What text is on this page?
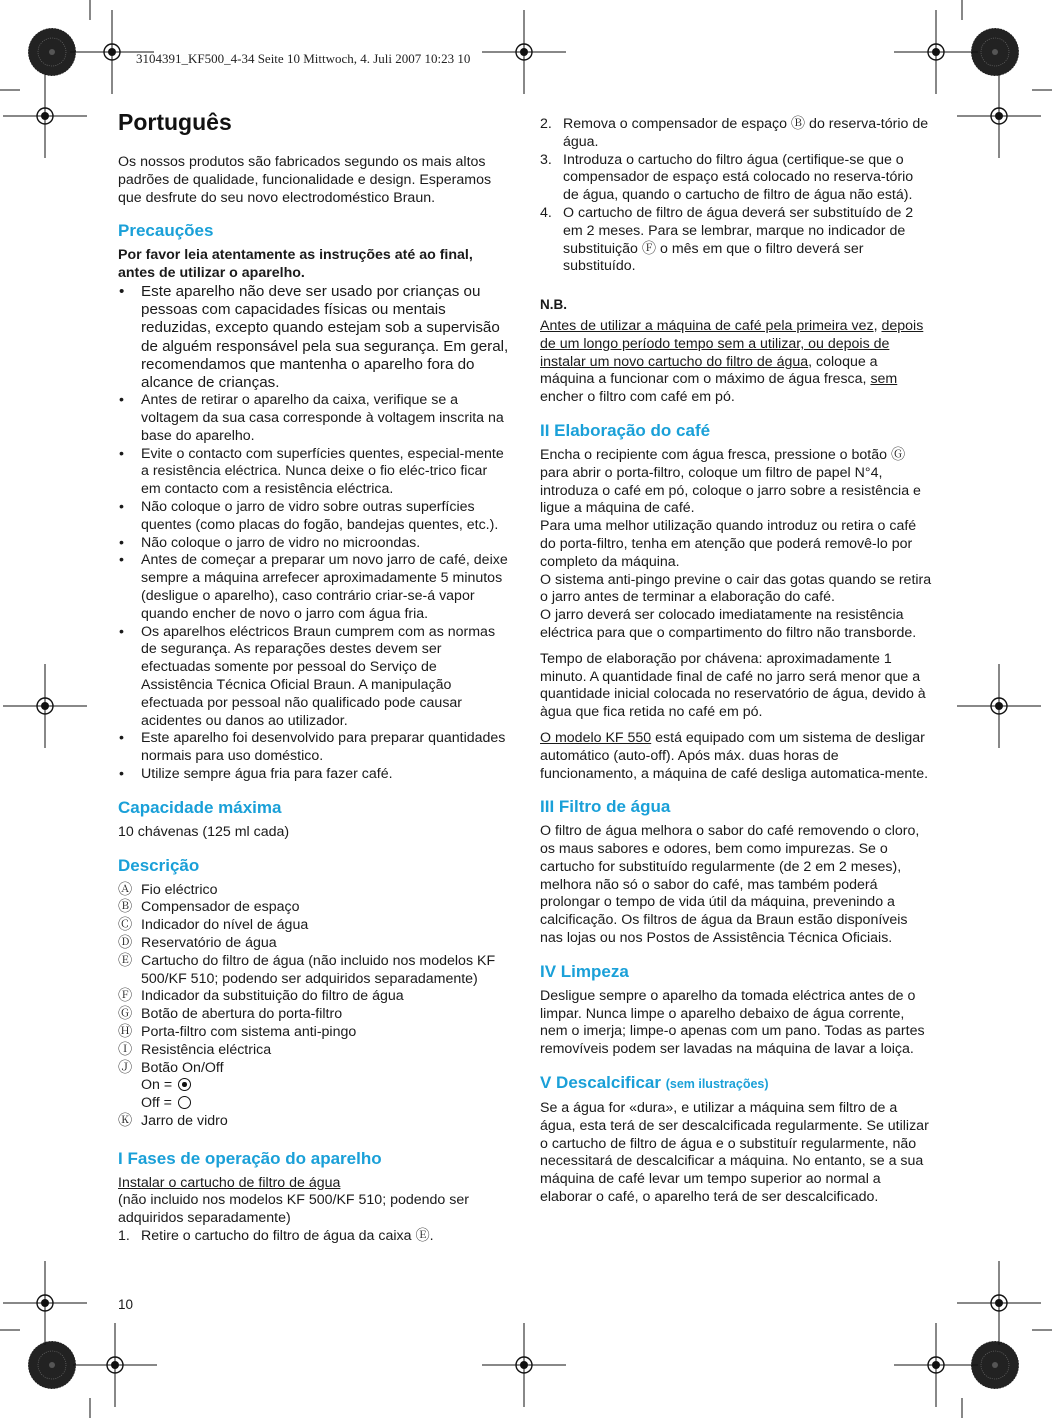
3104391_KF500_4-34 Seite 10 Mittwoch, 4. Juli 2007 10:23 10
Português

Os nossos produtos são fabricados segundo os mais altos padrões de qualidade, funcionalidade e design. Esperamos que desfrute do seu novo electrodoméstico Braun.

Precauções

Por favor leia atentamente as instruções até ao final, antes de utilizar o aparelho.

• Este aparelho não deve ser usado por crianças ou pessoas com capacidades físicas ou mentais reduzidas, excepto quando estejam sob a supervisão de alguém responsável pela sua segurança. Em geral, recomendamos que mantenha o aparelho fora do alcance de crianças.
• Antes de retirar o aparelho da caixa, verifique se a voltagem da sua casa corresponde à voltagem inscrita na base do aparelho.
• Evite o contacto com superfícies quentes, especial-mente a resistência eléctrica. Nunca deixe o fio eléc-trico ficar em contacto com a resistência eléctrica.
• Não coloque o jarro de vidro sobre outras superfícies quentes (como placas do fogão, bandejas quentes, etc.).
• Não coloque o jarro de vidro no microondas.
• Antes de começar a preparar um novo jarro de café, deixe sempre a máquina arrefecer aproximadamente 5 minutos (desligue o aparelho), caso contrário criar-se-á vapor quando encher de novo o jarro com água fria.
• Os aparelhos eléctricos Braun cumprem com as normas de segurança. As reparações destes devem ser efectuadas somente por pessoal do Serviço de Assistência Técnica Oficial Braun. A manipulação efectuada por pessoal não qualificado pode causar acidentes ou danos ao utilizador.
• Este aparelho foi desenvolvido para preparar quantidades normais para uso doméstico.
• Utilize sempre água fria para fazer café.
Capacidade máxima

10 chávenas (125 ml cada)

Descrição
Ⓐ Fio eléctrico
Ⓑ Compensador de espaço
Ⓒ Indicador do nível de água
Ⓓ Reservatório de água
Ⓔ Cartucho do filtro de água (não incluido nos modelos KF 500/KF 510; podendo ser adquiridos separadamente)
Ⓕ Indicador da substituição do filtro de água
Ⓖ Botão de abertura do porta-filtro
Ⓗ Porta-filtro com sistema anti-pingo
Ⓘ Resistência eléctrica
Ⓙ Botão On/Off
On =
Off =
Ⓚ Jarro de vidro
I Fases de operação do aparelho

Instalar o cartucho de filtro de água

(não incluido nos modelos KF 500/KF 510; podendo ser adquiridos separadamente)

1. Retire o cartucho do filtro de água da caixa Ⓔ.
10
2. Remova o compensador de espaço Ⓑ do reserva-tório de água.
3. Introduza o cartucho do filtro água (certifique-se que o compensador de espaço está colocado no reserva-tório de água, quando o cartucho de filtro de água não está).
4. O cartucho de filtro de água deverá ser substituído de 2 em 2 meses. Para se lembrar, marque no indicador de substituição Ⓕ o mês em que o filtro deverá ser substituído.
N.B.

Antes de utilizar a máquina de café pela primeira vez, depois de um longo período tempo sem a utilizar, ou depois de instalar um novo cartucho do filtro de água, coloque a máquina a funcionar com o máximo de água fresca, sem encher o filtro com café em pó.

II Elaboração do café

Encha o recipiente com água fresca, pressione o botão Ⓖ para abrir o porta-filtro, coloque um filtro de papel N°4, introduza o café em pó, coloque o jarro sobre a resistência e ligue a máquina de café.

Para uma melhor utilização quando introduz ou retira o café do porta-filtro, tenha em atenção que poderá removê-lo por completo da máquina.

O sistema anti-pingo previne o cair das gotas quando se retira o jarro antes de terminar a elaboração do café.

O jarro deverá ser colocado imediatamente na resistência eléctrica para que o compartimento do filtro não transborde.

Tempo de elaboração por chávena: aproximadamente 1 minuto. A quantidade final de café no jarro será menor que a quantidade inicial colocada no reservatório de água, devido à àgua que fica retida no café em pó.

O modelo KF 550 está equipado com um sistema de desligar automático (auto-off). Após máx. duas horas de funcionamento, a máquina de café desliga automatica-mente.

III Filtro de água

O filtro de água melhora o sabor do café removendo o cloro, os maus sabores e odores, bem como impurezas. Se o cartucho for substituído regularmente (de 2 em 2 meses), melhora não só o sabor do café, mas também poderá prolongar o tempo de vida útil da máquina, prevenindo a calcificação. Os filtros de água da Braun estão disponíveis nas lojas ou nos Postos de Assistência Técnica Oficiais.

IV Limpeza

Desligue sempre o aparelho da tomada eléctrica antes de o limpar. Nunca limpe o aparelho debaixo de água corrente, nem o imerja; limpe-o apenas com um pano. Todas as partes removíveis podem ser lavadas na máquina de lavar a loiça.

V Descalcificar (sem ilustrações)

Se a água for «dura», e utilizar a máquina sem filtro de a água, esta terá de ser descalcificada regularmente. Se utilizar o cartucho de filtro de água e o substituír regularmente, não necessitará de descalcificar a máquina. No entanto, se a sua máquina de café levar um tempo superior ao normal a elaborar o café, o aparelho terá de ser descalcificado.
